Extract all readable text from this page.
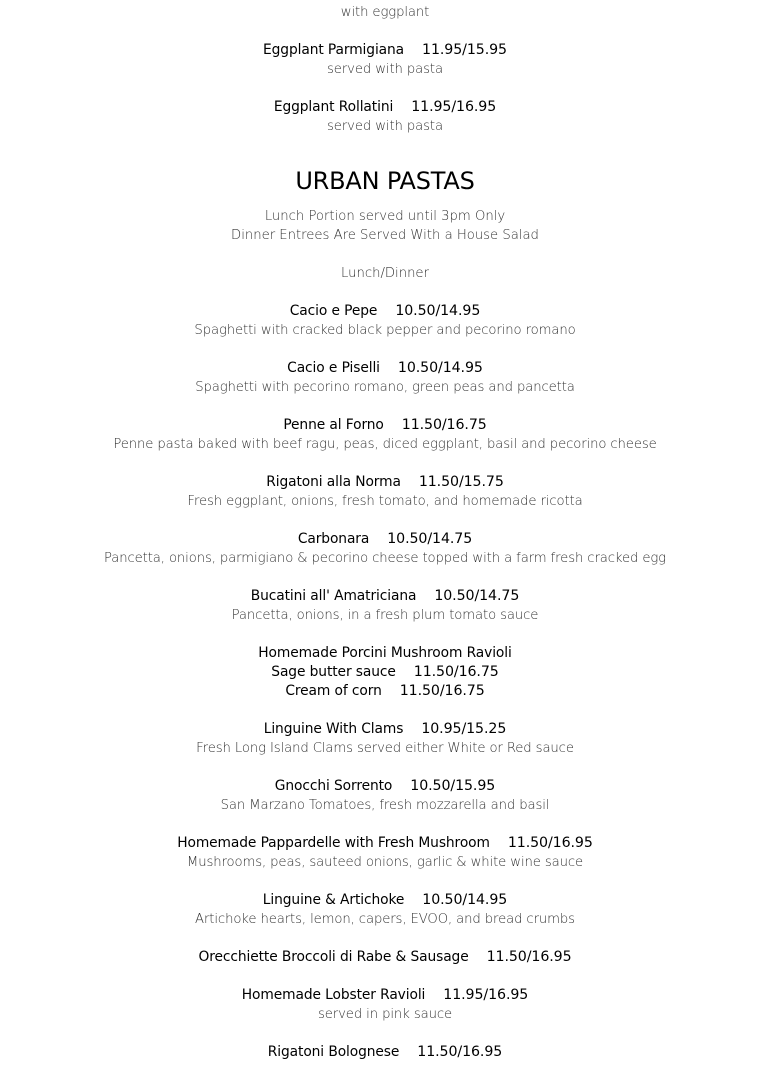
with eggplant
Eggplant Parmigiana 11.95/15.95
served with pasta
Eggplant Rollatini 11.95/16.95
served with pasta
URBAN PASTAS
Lunch Portion served until 3pm Only
Dinner Entrees Are Served With a House Salad
Lunch/Dinner
Cacio e Pepe 10.50/14.95
Spaghetti with cracked black pepper and pecorino romano
Cacio e Piselli 10.50/14.95
Spaghetti with pecorino romano, green peas and pancetta
Penne al Forno 11.50/16.75
Penne pasta baked with beef ragu, peas, diced eggplant, basil and pecorino cheese
Rigatoni alla Norma 11.50/15.75
Fresh eggplant, onions, fresh tomato, and homemade ricotta
Carbonara 10.50/14.75
Pancetta, onions, parmigiano & pecorino cheese topped with a farm fresh cracked egg
Bucatini all' Amatriciana 10.50/14.75
Pancetta, onions, in a fresh plum tomato sauce
Homemade Porcini Mushroom Ravioli
Sage butter sauce 11.50/16.75
Cream of corn 11.50/16.75
Linguine With Clams 10.95/15.25
Fresh Long Island Clams served either White or Red sauce
Gnocchi Sorrento 10.50/15.95
San Marzano Tomatoes, fresh mozzarella and basil
Homemade Pappardelle with Fresh Mushroom 11.50/16.95
Mushrooms, peas, sauteed onions, garlic & white wine sauce
Linguine & Artichoke 10.50/14.95
Artichoke hearts, lemon, capers, EVOO, and bread crumbs
Orecchiette Broccoli di Rabe & Sausage 11.50/16.95
Homemade Lobster Ravioli 11.95/16.95
served in pink sauce
Rigatoni Bolognese 11.50/16.95
